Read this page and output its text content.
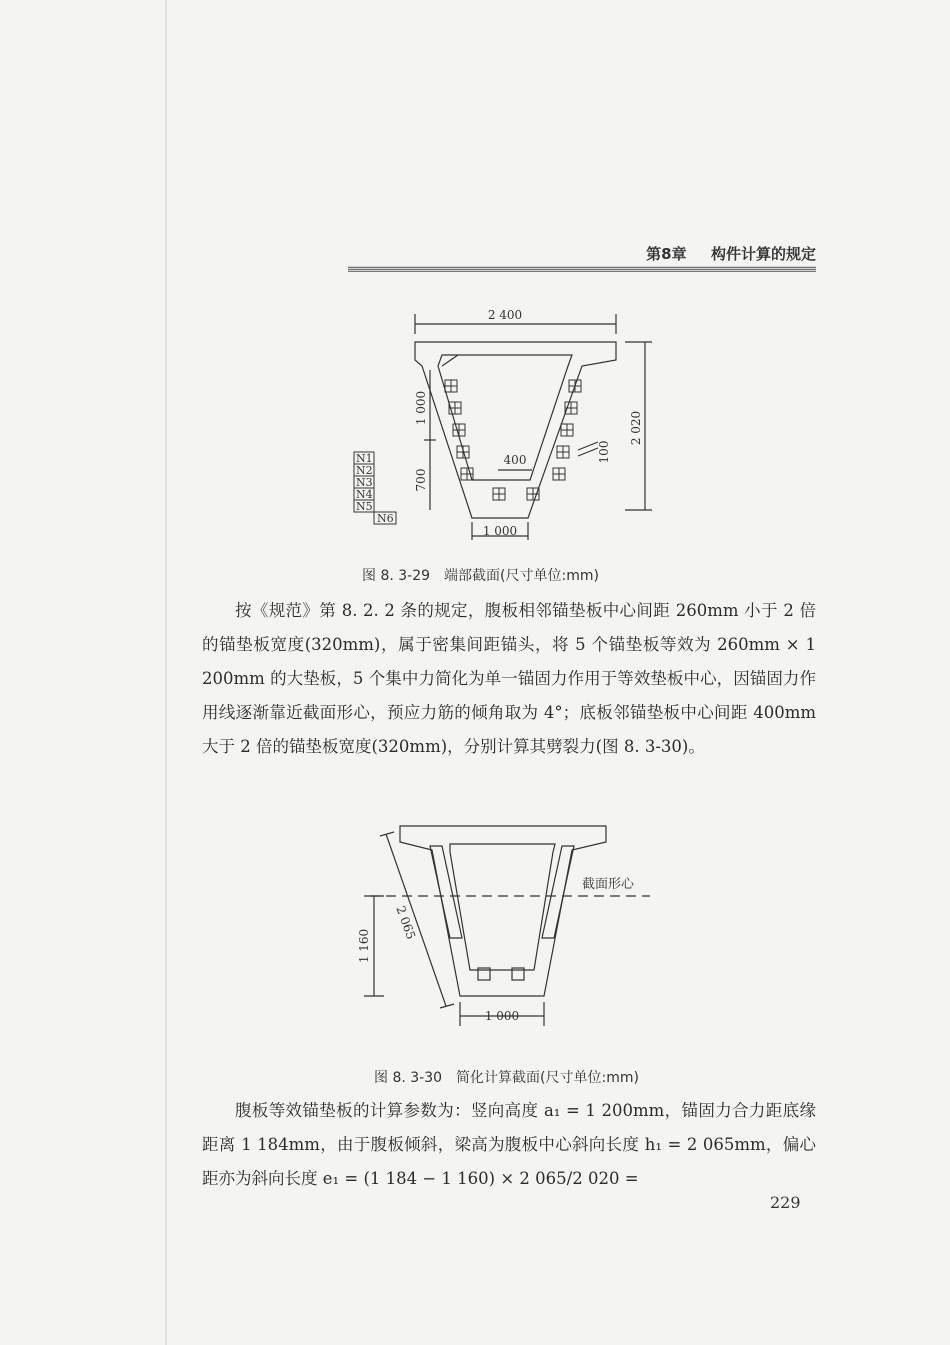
第8章 构件计算的规定
2 400
1 000
2 020
1 000
700
400	100
N1
N2
N3
N4
N5
N6
图 8. 3-29　端部截面(尺寸单位:mm)

按《规范》第 8. 2. 2 条的规定，腹板相邻锚垫板中心间距 260mm 小于 2 倍的锚垫板宽度(320mm)，属于密集间距锚头，将 5 个锚垫板等效为 260mm × 1 200mm 的大垫板，5 个集中力简化为单一锚固力作用于等效垫板中心，因锚固力作用线逐渐靠近截面形心，预应力筋的倾角取为 4°；底板邻锚垫板中心间距 400mm 大于 2 倍的锚垫板宽度(320mm)，分别计算其劈裂力(图 8. 3-30)。

截面形心
1 160
2 065
1 000
图 8. 3-30　简化计算截面(尺寸单位:mm)

腹板等效锚垫板的计算参数为：竖向高度 a₁ = 1 200mm，锚固力合力距底缘距离 1 184mm，由于腹板倾斜，梁高为腹板中心斜向长度 h₁ = 2 065mm，偏心距亦为斜向长度 e₁ = (1 184 − 1 160) × 2 065/2 020 =

229
